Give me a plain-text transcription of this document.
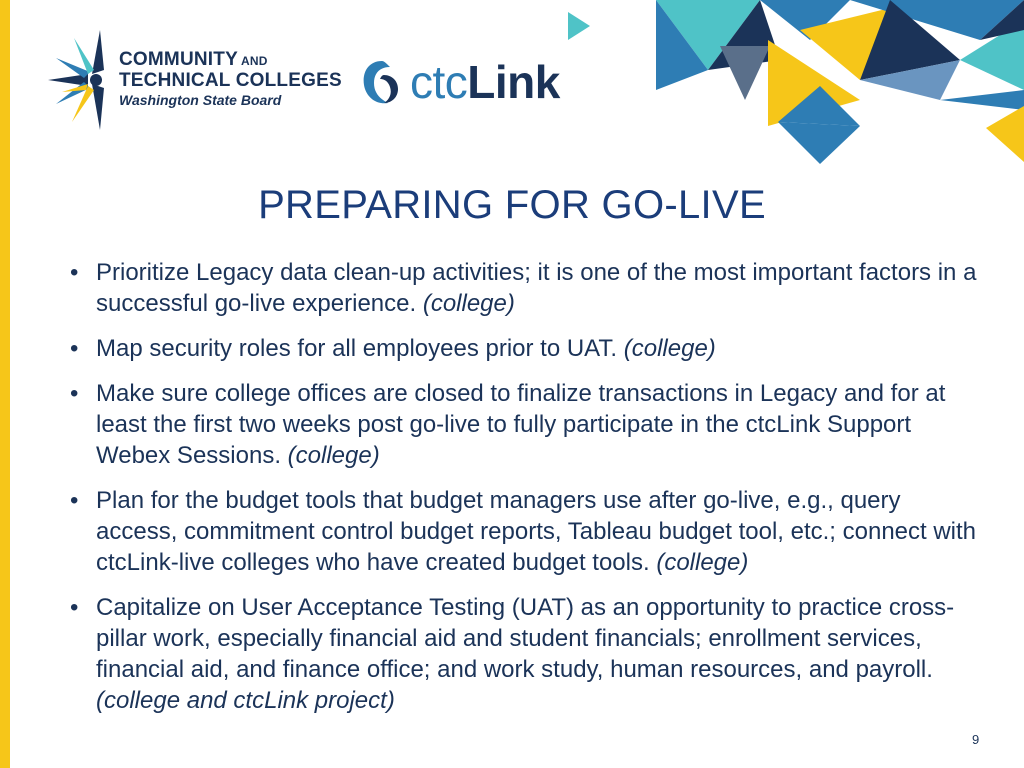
COMMUNITY AND
TECHNICAL COLLEGES
Washington State Board	ctcLink
PREPARING FOR GO-LIVE
• Prioritize Legacy data clean-up activities; it is one of the most important factors in a successful go-live experience. (college)
• Map security roles for all employees prior to UAT. (college)
• Make sure college offices are closed to finalize transactions in Legacy and for at least the first two weeks post go-live to fully participate in the ctcLink Support Webex Sessions. (college)
• Plan for the budget tools that budget managers use after go-live, e.g., query access, commitment control budget reports, Tableau budget tool, etc.; connect with ctcLink-live colleges who have created budget tools. (college)
• Capitalize on User Acceptance Testing (UAT) as an opportunity to practice cross-pillar work, especially financial aid and student financials; enrollment services, financial aid, and finance office; and work study, human resources, and payroll. (college and ctcLink project)
9
